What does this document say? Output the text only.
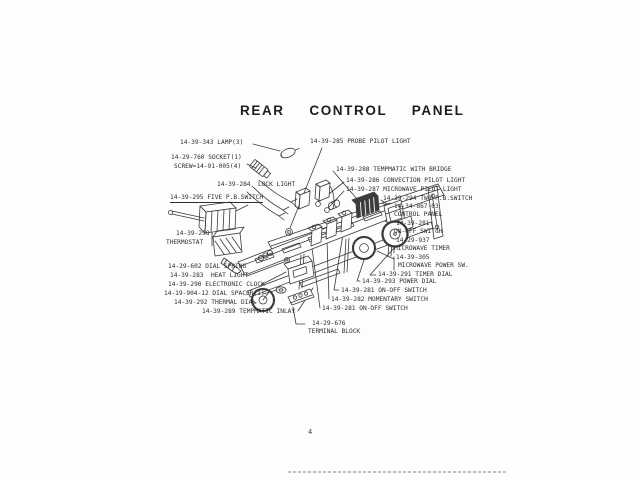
REAR  CONTROL  PANEL
4
14-39-343 LAMP(3)
14-29-760 SOCKET(1)
SCREW=14-91-005(4)
14-39-284  LOCK LIGHT
14-39-295 FIVE P.B.SWITCH
14-39-298
THERMOSTAT
14-29-602 DIAL SPRING
14-39-283  HEAT LIGHT
14-39-290 ELECTRONIC CLOCK
14-19-904-12 DIAL SPACER(1)
14-39-292 THERMAL DIAL
14-39-289 TEMPMATIC INLAY
14-39-285 PROBE PILOT LIGHT
14-39-288 TEMPMATIC WITH BRIDGE
14-39-286 CONVECTION PILOT LIGHT
14-39-287 MICROWAVE PILOT LIGHT
14-39-294 TWO P.B.SWITCH
14-34-867-03
CONTROL PANEL
14-39-281
ON-OFF SWITCH
14-29-937
MICROWAVE TIMER
14-39-305
MICROWAVE POWER SW.
14-39-291 TIMER DIAL
14-39-293 POWER DIAL
14-39-281 ON-OFF SWITCH
14-39-282 MOMENTARY SWITCH
14-39-281 ON-OFF SWITCH
14-29-676
TERMINAL BLOCK
